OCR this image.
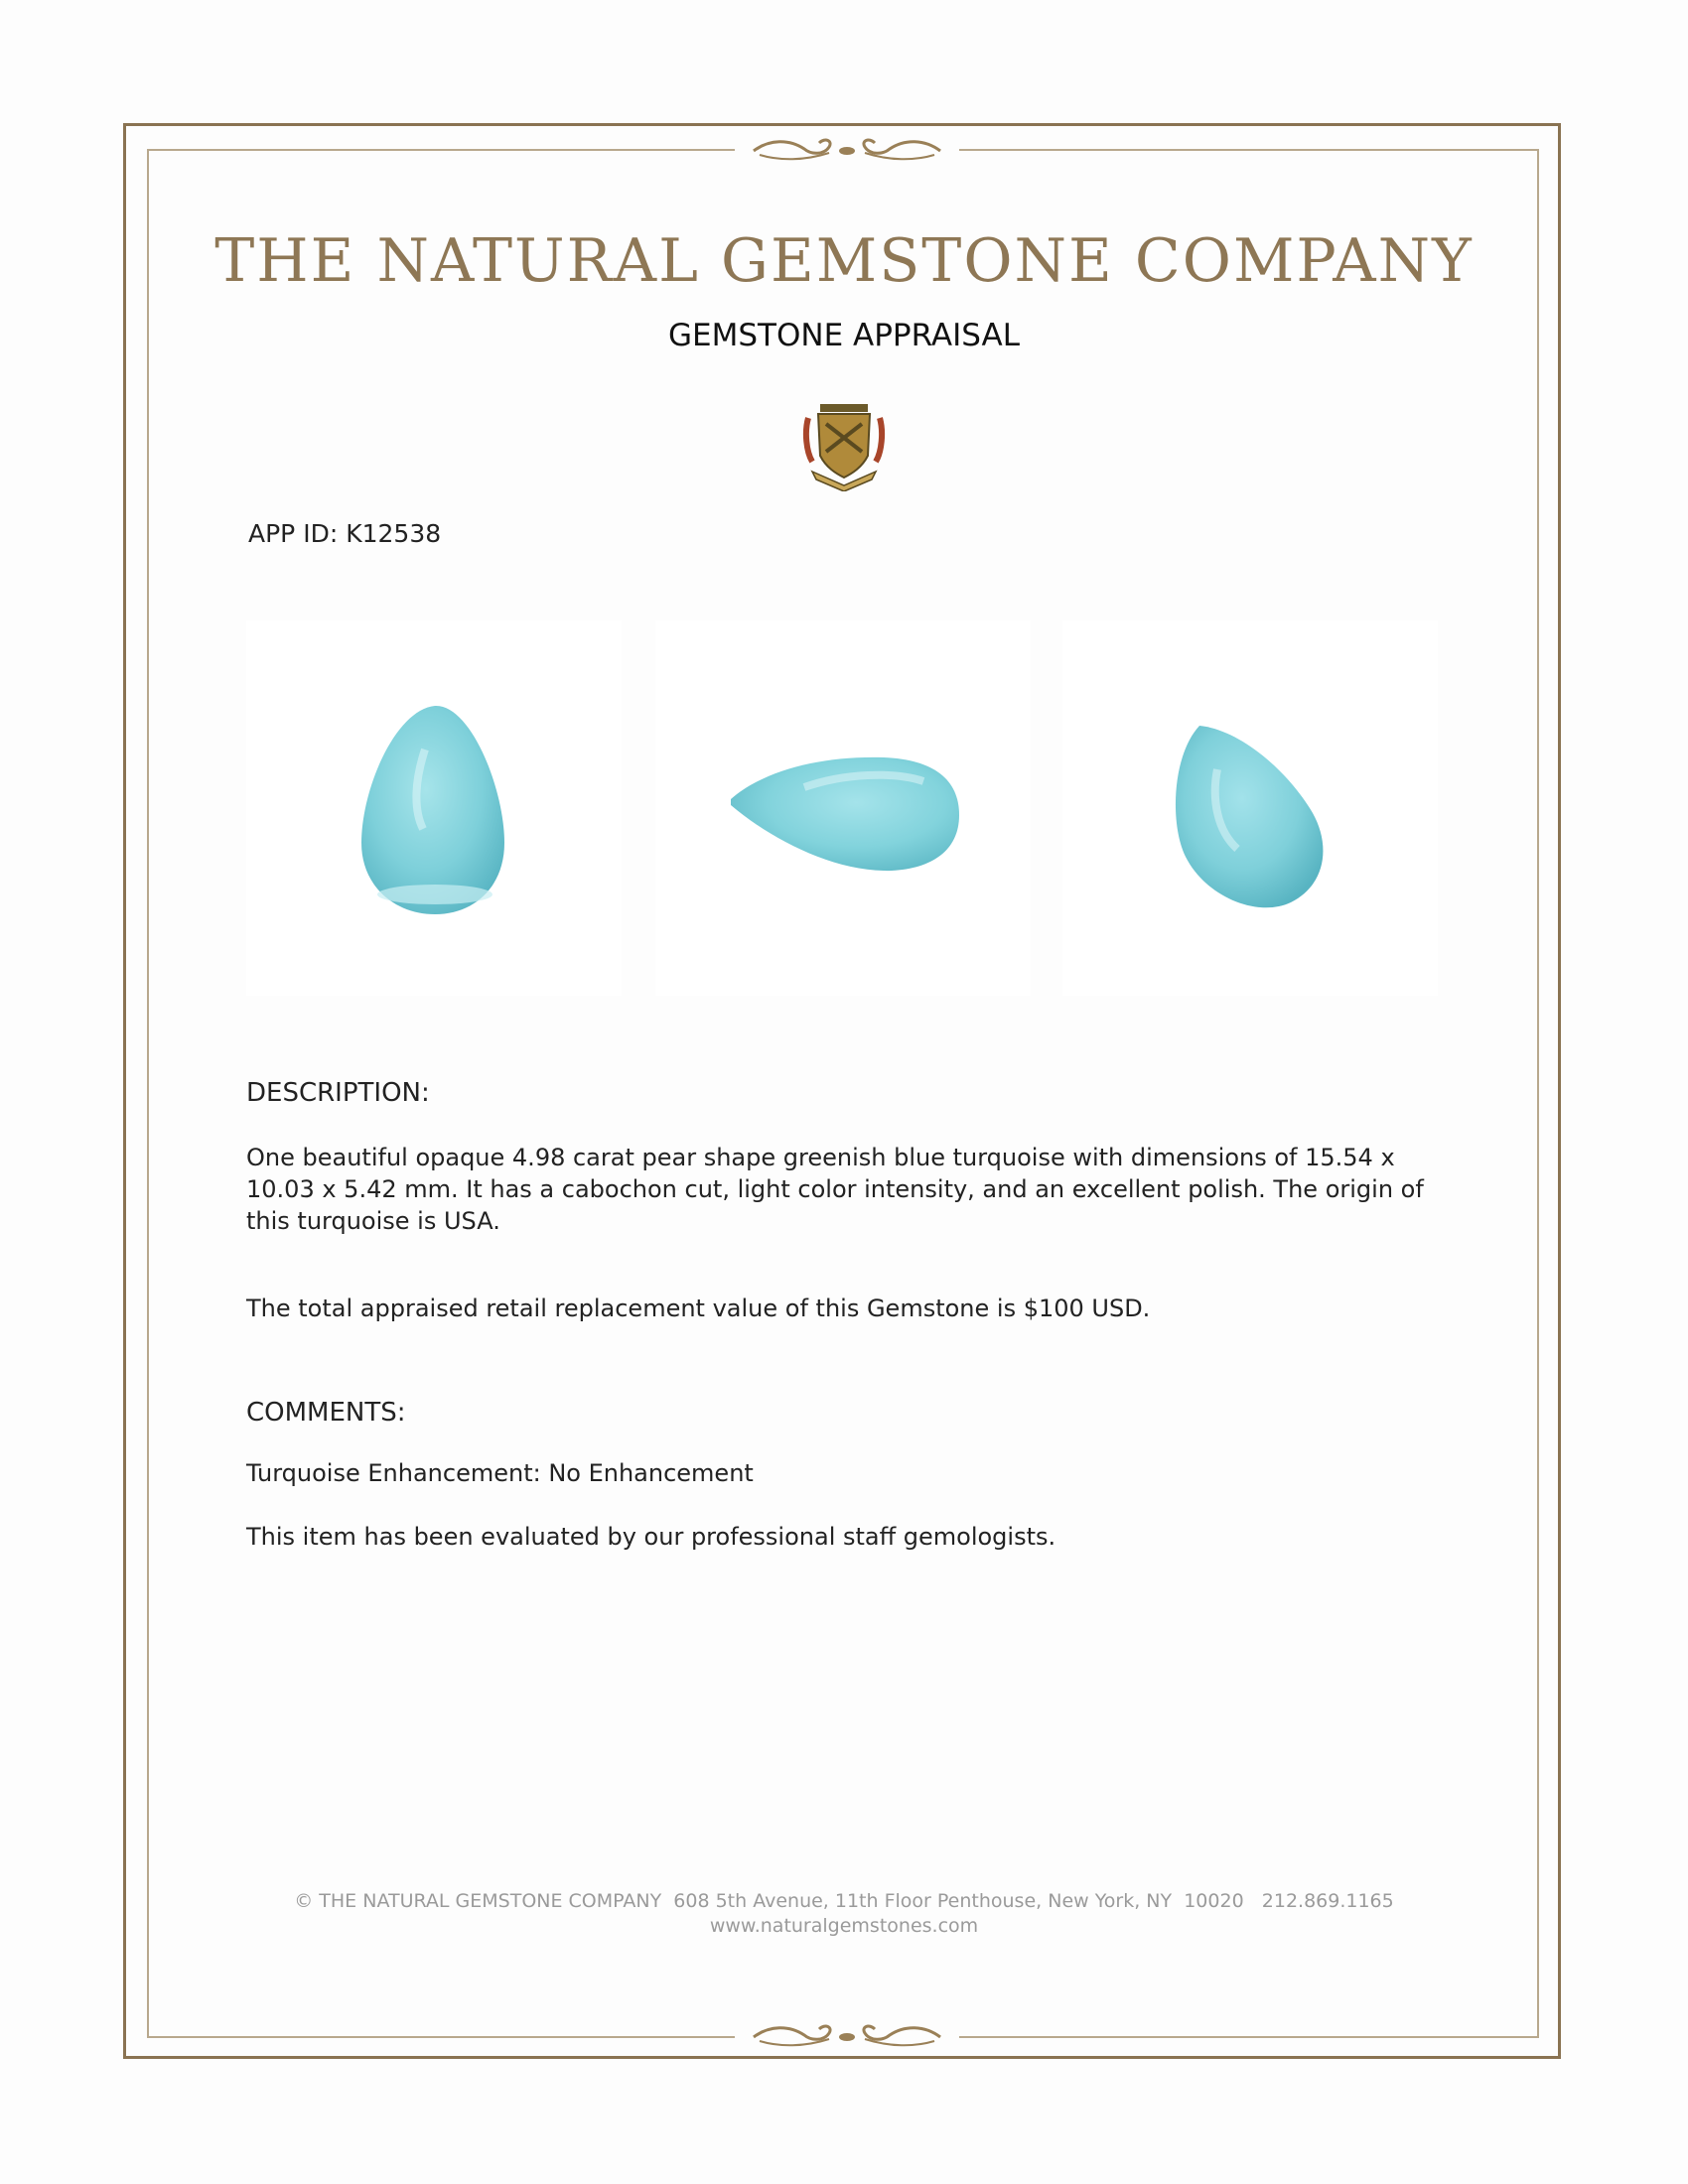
THE NATURAL GEMSTONE COMPANY
GEMSTONE APPRAISAL
APP ID: K12538
DESCRIPTION:
One beautiful opaque 4.98 carat pear shape greenish blue turquoise with dimensions of 15.54 x 10.03 x 5.42 mm. It has a cabochon cut, light color intensity, and an excellent polish. The origin of this turquoise is USA.
The total appraised retail replacement value of this Gemstone is $100 USD.
COMMENTS:
Turquoise Enhancement: No Enhancement
This item has been evaluated by our professional staff gemologists.
© THE NATURAL GEMSTONE COMPANY  608 5th Avenue, 11th Floor Penthouse, New York, NY  10020   212.869.1165
www.naturalgemstones.com
